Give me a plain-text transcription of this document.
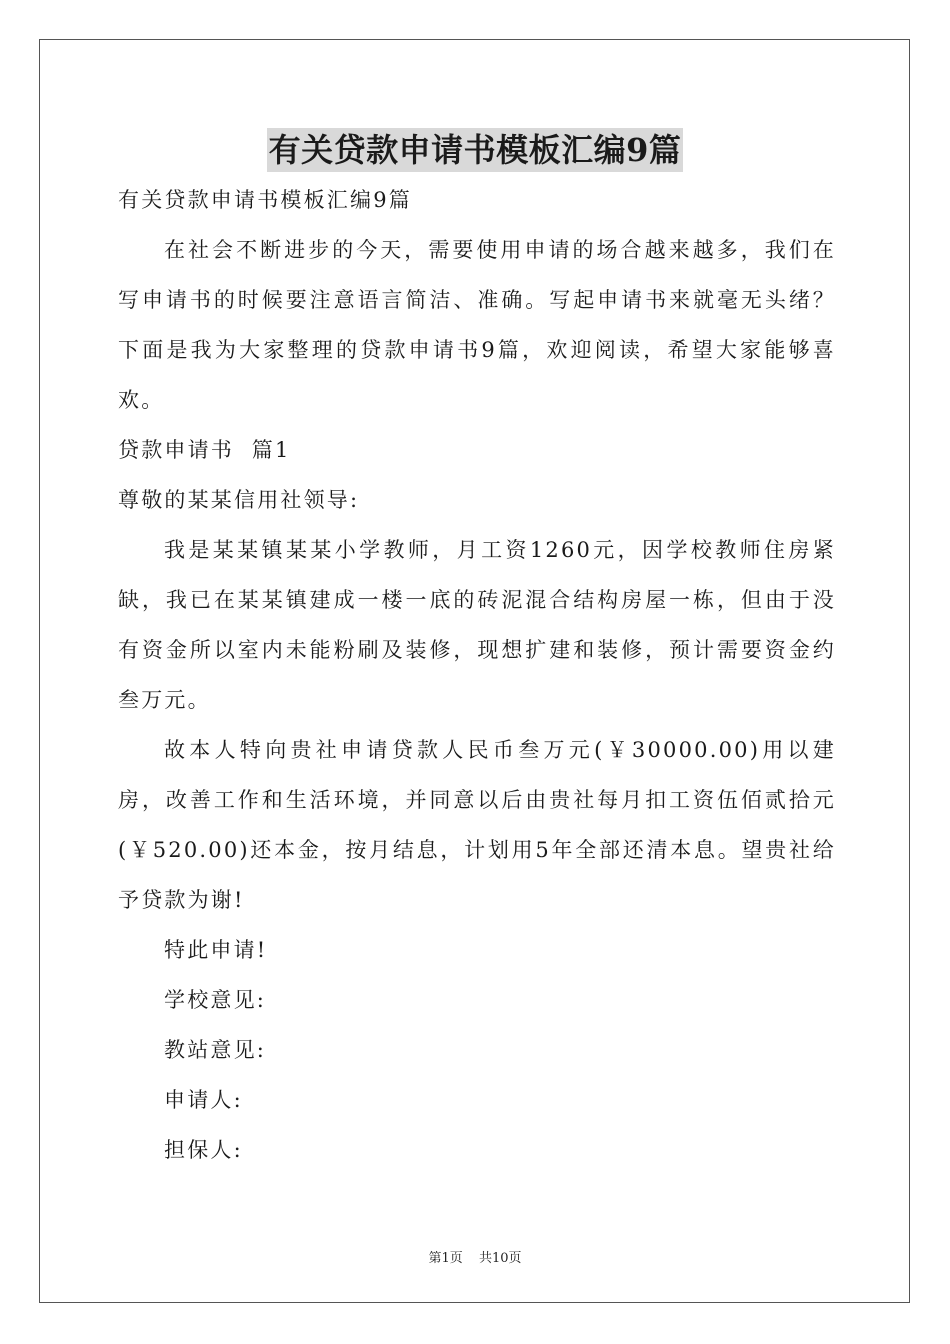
有关贷款申请书模板汇编9篇
有关贷款申请书模板汇编9篇

在社会不断进步的今天，需要使用申请的场合越来越多，我们在写申请书的时候要注意语言简洁、准确。写起申请书来就毫无头绪？下面是我为大家整理的贷款申请书9篇，欢迎阅读，希望大家能够喜欢。

贷款申请书  篇1
尊敬的某某信用社领导:

我是某某镇某某小学教师，月工资1260元，因学校教师住房紧缺，我已在某某镇建成一楼一底的砖泥混合结构房屋一栋，但由于没有资金所以室内未能粉刷及装修，现想扩建和装修，预计需要资金约叁万元。

故本人特向贵社申请贷款人民币叁万元(￥30000.00)用以建房，改善工作和生活环境，并同意以后由贵社每月扣工资伍佰贰拾元(￥520.00)还本金，按月结息，计划用5年全部还清本息。望贵社给予贷款为谢!

特此申请!
学校意见:
教站意见:
申请人:
担保人:
第1页 共10页
